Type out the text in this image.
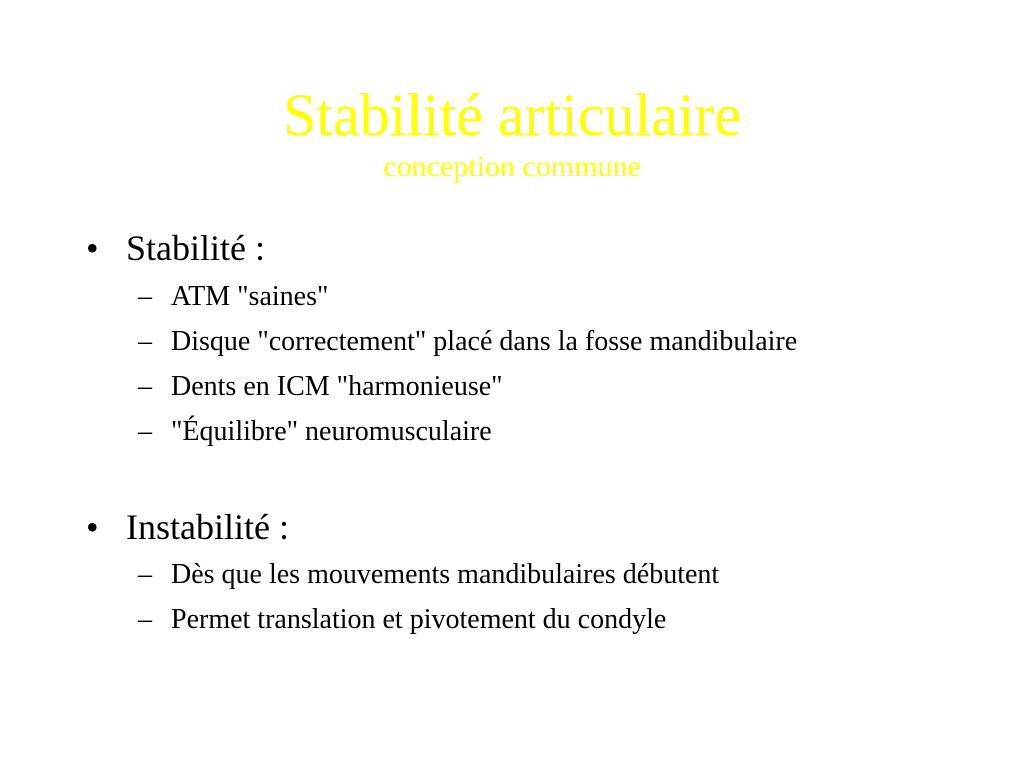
Stabilité articulaire
conception commune
• Stabilité :
– ATM "saines"
– Disque "correctement" placé dans la fosse mandibulaire
– Dents en ICM "harmonieuse"
– "Équilibre" neuromusculaire
• Instabilité :
– Dès que les mouvements mandibulaires débutent
– Permet translation et pivotement du condyle
